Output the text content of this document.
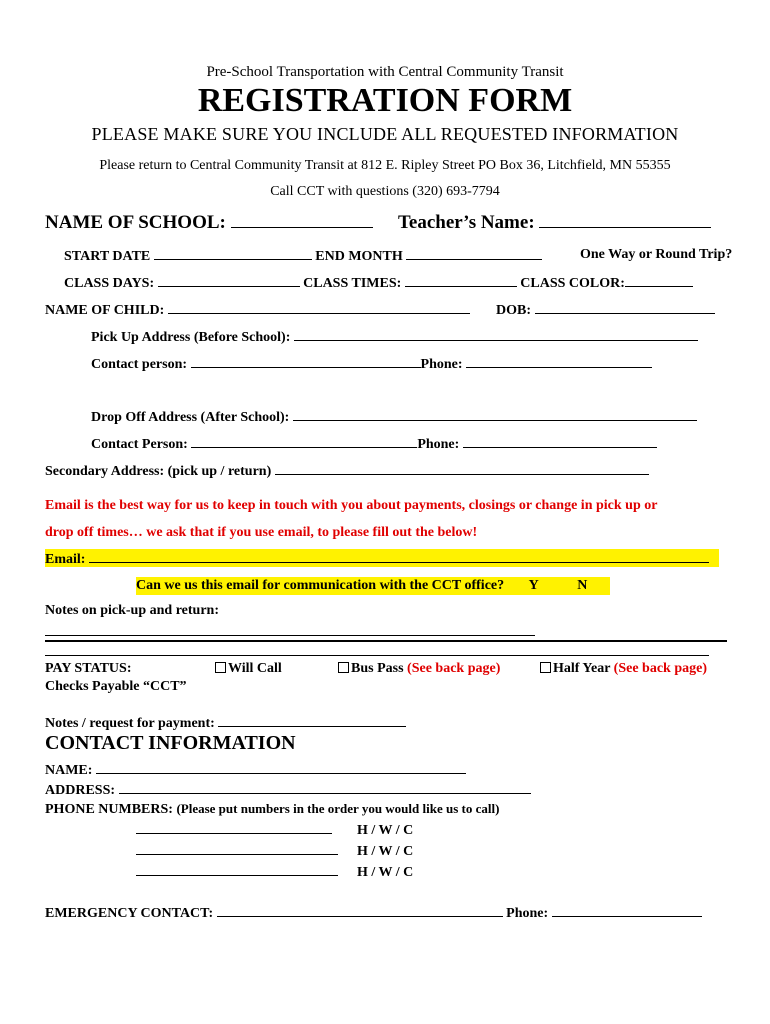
Pre-School Transportation with Central Community Transit
REGISTRATION FORM
PLEASE MAKE SURE YOU INCLUDE ALL REQUESTED INFORMATION
Please return to Central Community Transit at 812 E. Ripley Street PO Box 36, Litchfield, MN 55355
Call CCT with questions (320) 693-7794
NAME OF SCHOOL:	Teacher’s Name:
START DATE	END MONTH	One Way or Round Trip?
CLASS DAYS:	CLASS TIMES:	CLASS COLOR:
NAME OF CHILD:	DOB:
Pick Up Address (Before School):
Contact person:	Phone:
Drop Off Address (After School):
Contact Person:	Phone:
Secondary Address: (pick up / return)
Email is the best way for us to keep in touch with you about payments, closings or change in pick up or
drop off times… we ask that if you use email, to please fill out the below!
Email:
Can we us this email for communication with the CCT office? Y	N
Notes on pick-up and return:
PAY STATUS:	Will Call	Bus Pass (See back page)	Half Year (See back page)
Checks Payable “CCT”
Notes / request for payment:
CONTACT INFORMATION
NAME:
ADDRESS:
PHONE NUMBERS: (Please put numbers in the order you would like us to call)
H / W / C
H / W / C
H / W / C
EMERGENCY CONTACT:	Phone:
